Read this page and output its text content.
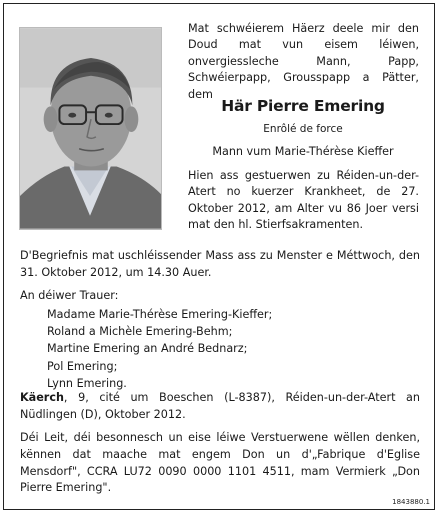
Mat schwéierem Häerz deele mir den Doud mat vun eisem léiwen, onvergiessleche Mann, Papp, Schwéierpapp, Grousspapp a Pätter, dem

Här Pierre Emering

Enrôlé de force

Mann vum Marie-Thérèse Kieffer

Hien ass gestuerwen zu Réiden-un-der-Atert no kuerzer Krankheet, de 27. Oktober 2012, am Alter vu 86 Joer versi mat den hl. Stierfsakramenten.

D'Begriefnis mat uschléissender Mass ass zu Menster e Méttwoch, den 31. Oktober 2012, um 14.30 Auer.

An déiwer Trauer:

Madame Marie-Thérèse Emering-Kieffer;
Roland a Michèle Emering-Behm;
Martine Emering an André Bednarz;
Pol Emering;
Lynn Emering.

Käerch, 9, cité um Boeschen (L-8387), Réiden-un-der-Atert an Nüdlingen (D), Oktober 2012.

Déi Leit, déi besonnesch un eise léiwe Verstuerwene wëllen denken, kënnen dat maache mat engem Don un d'„Fabrique d'Eglise Mensdorf", CCRA LU72 0090 0000 1101 4511, mam Vermierk „Don Pierre Emering".

1843880.1
